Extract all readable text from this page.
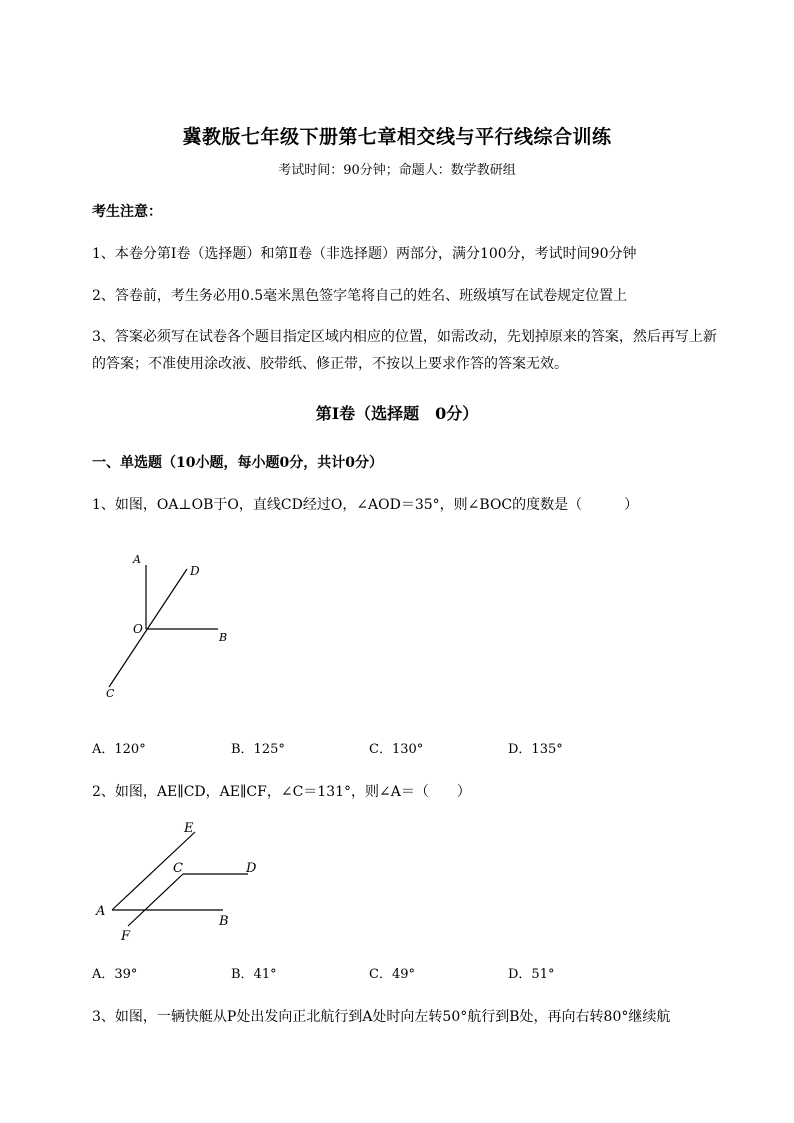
冀教版七年级下册第七章相交线与平行线综合训练
考试时间：90分钟；命题人：数学教研组
考生注意：
1、本卷分第Ⅰ卷（选择题）和第Ⅱ卷（非选择题）两部分，满分100分，考试时间90分钟
2、答卷前，考生务必用0.5毫米黑色签字笔将自己的姓名、班级填写在试卷规定位置上
3、答案必须写在试卷各个题目指定区域内相应的位置，如需改动，先划掉原来的答案，然后再写上新
的答案；不准使用涂改液、胶带纸、修正带，不按以上要求作答的答案无效。
第Ⅰ卷（选择题　0分）
一、单选题（10小题，每小题0分，共计0分）
1、如图，OA⊥OB于O，直线CD经过O，∠AOD＝35°，则∠BOC的度数是（　　　）
A
D
O
B
C
A．120°	B．125°	C．130°	D．135°
2、如图，AE∥CD，AE∥CF，∠C＝131°，则∠A＝（　　）
E
C	D
A
B
F
A．39°	B．41°	C．49°	D．51°
3、如图，一辆快艇从P处出发向正北航行到A处时向左转50°航行到B处，再向右转80°继续航
